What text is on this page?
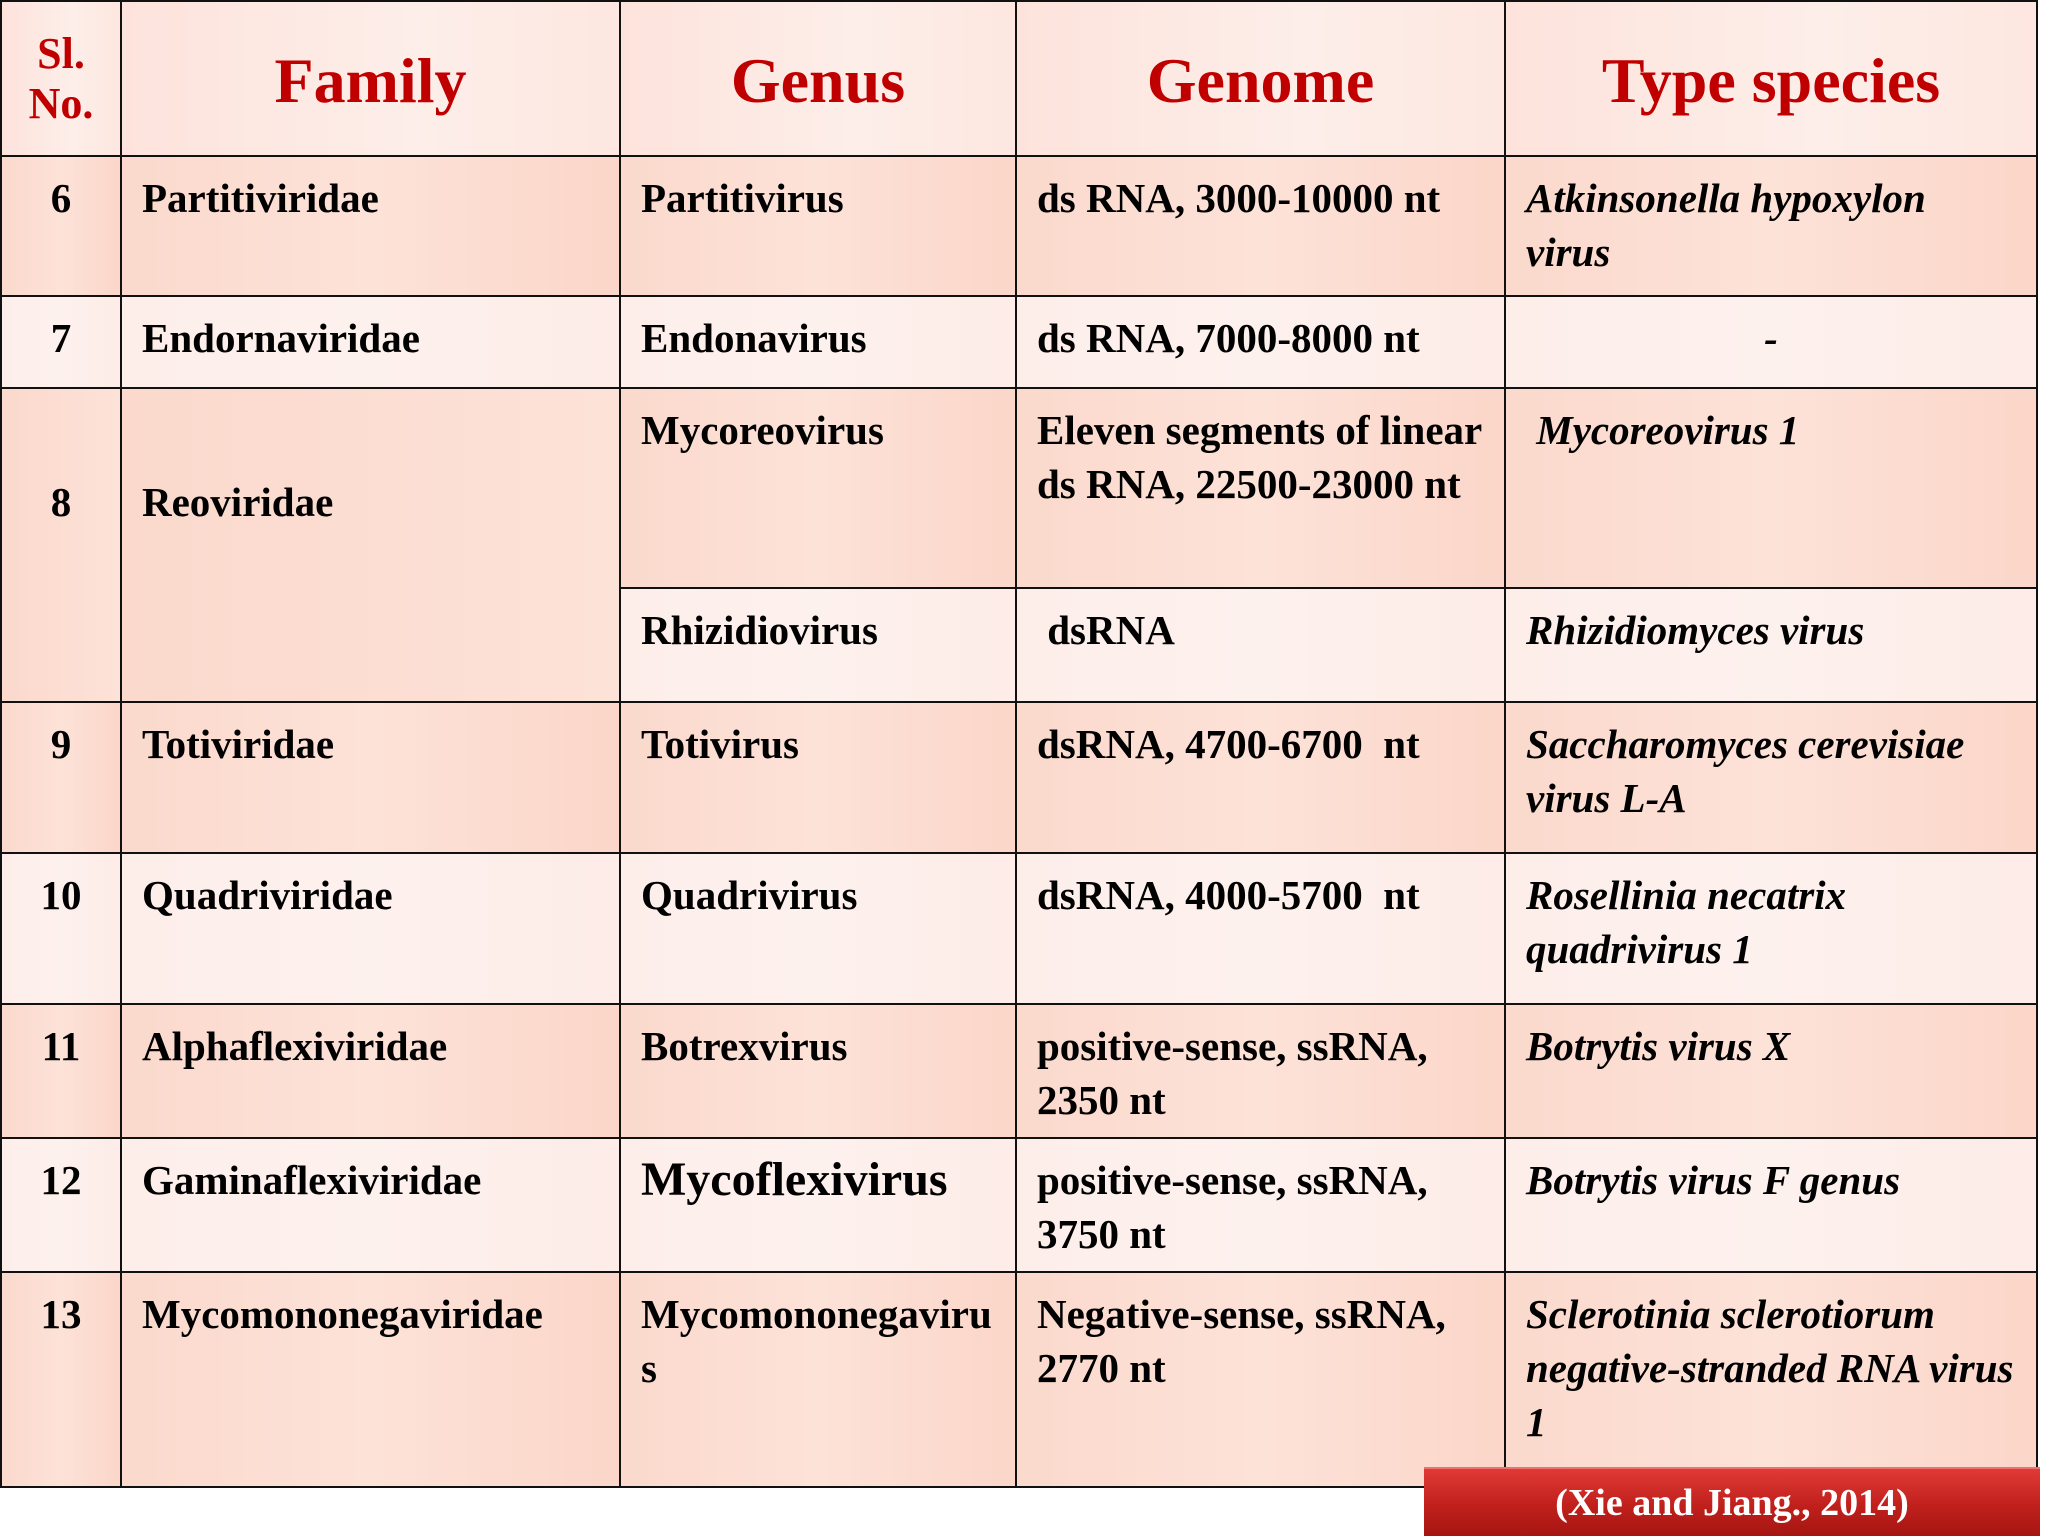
Sl.
No.	Family	Genus	Genome	Type species
6	Partitiviridae	Partitivirus	ds RNA, 3000-10000 nt	Atkinsonella hypoxylon virus
7	Endornaviridae	Endonavirus	ds RNA, 7000-8000 nt	-
8	Reoviridae	Mycoreovirus	Eleven segments of linear ds RNA, 22500-23000 nt	Mycoreovirus 1
		Rhizidiovirus	dsRNA	Rhizidiomyces virus
9	Totiviridae	Totivirus	dsRNA, 4700-6700  nt	Saccharomyces cerevisiae virus L-A
10	Quadriviridae	Quadrivirus	dsRNA, 4000-5700  nt	Rosellinia necatrix quadrivirus 1
11	Alphaflexiviridae	Botrexvirus	positive-sense, ssRNA, 2350 nt	Botrytis virus X
12	Gaminaflexiviridae	Mycoflexivirus	positive-sense, ssRNA, 3750 nt	Botrytis virus F genus
13	Mycomononegaviridae	Mycomononegavirus	Negative-sense, ssRNA, 2770 nt	Sclerotinia sclerotiorum negative-stranded RNA virus 1
(Xie and Jiang., 2014)
